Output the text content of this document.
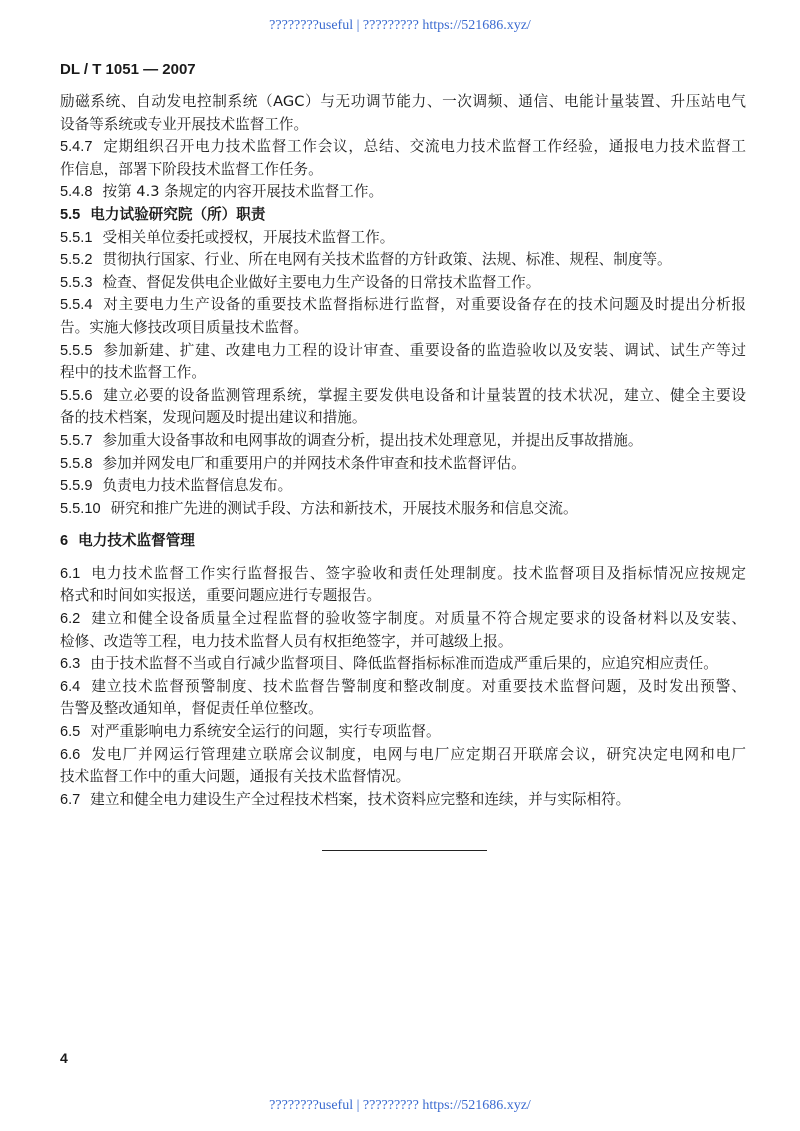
????????useful | ????????? https://521686.xyz/
DL / T 1051 — 2007
励磁系统、自动发电控制系统（AGC）与无功调节能力、一次调频、通信、电能计量装置、升压站电气
设备等系统或专业开展技术监督工作。
5.4.7 定期组织召开电力技术监督工作会议，总结、交流电力技术监督工作经验，通报电力技术监督工
作信息，部署下阶段技术监督工作任务。
5.4.8 按第 4.3 条规定的内容开展技术监督工作。
5.5 电力试验研究院（所）职责
5.5.1 受相关单位委托或授权，开展技术监督工作。
5.5.2 贯彻执行国家、行业、所在电网有关技术监督的方针政策、法规、标准、规程、制度等。
5.5.3 检查、督促发供电企业做好主要电力生产设备的日常技术监督工作。
5.5.4 对主要电力生产设备的重要技术监督指标进行监督，对重要设备存在的技术问题及时提出分析报
告。实施大修技改项目质量技术监督。
5.5.5 参加新建、扩建、改建电力工程的设计审查、重要设备的监造验收以及安装、调试、试生产等过
程中的技术监督工作。
5.5.6 建立必要的设备监测管理系统，掌握主要发供电设备和计量装置的技术状况，建立、健全主要设
备的技术档案，发现问题及时提出建议和措施。
5.5.7 参加重大设备事故和电网事故的调查分析，提出技术处理意见，并提出反事故措施。
5.5.8 参加并网发电厂和重要用户的并网技术条件审查和技术监督评估。
5.5.9 负责电力技术监督信息发布。
5.5.10 研究和推广先进的测试手段、方法和新技术，开展技术服务和信息交流。
6 电力技术监督管理
6.1 电力技术监督工作实行监督报告、签字验收和责任处理制度。技术监督项目及指标情况应按规定
格式和时间如实报送，重要问题应进行专题报告。
6.2 建立和健全设备质量全过程监督的验收签字制度。对质量不符合规定要求的设备材料以及安装、
检修、改造等工程，电力技术监督人员有权拒绝签字，并可越级上报。
6.3 由于技术监督不当或自行减少监督项目、降低监督指标标准而造成严重后果的，应追究相应责任。
6.4 建立技术监督预警制度、技术监督告警制度和整改制度。对重要技术监督问题，及时发出预警、
告警及整改通知单，督促责任单位整改。
6.5 对严重影响电力系统安全运行的问题，实行专项监督。
6.6 发电厂并网运行管理建立联席会议制度，电网与电厂应定期召开联席会议，研究决定电网和电厂
技术监督工作中的重大问题，通报有关技术监督情况。
6.7 建立和健全电力建设生产全过程技术档案，技术资料应完整和连续，并与实际相符。
4
????????useful | ????????? https://521686.xyz/
